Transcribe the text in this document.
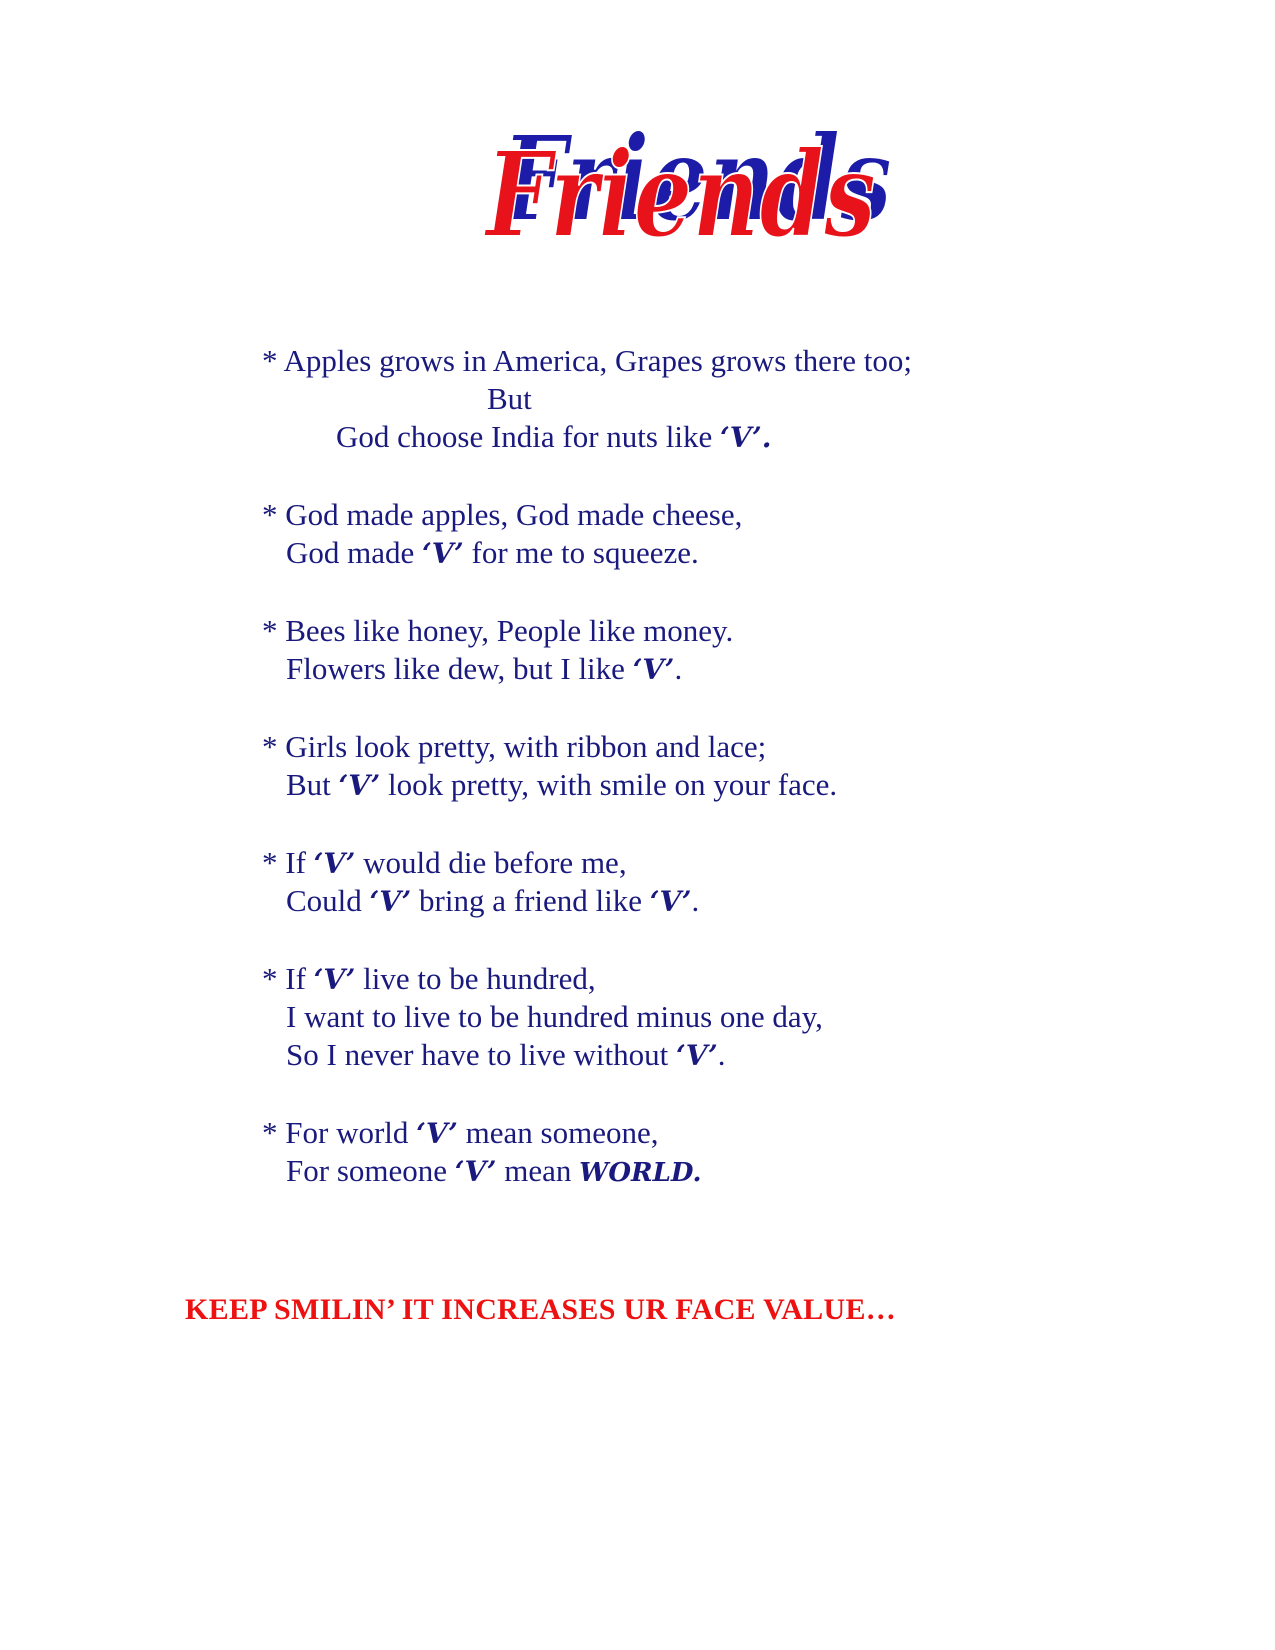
Friends
Friends
* Apples grows in America, Grapes grows there too;
But
God choose India for nuts like ‘V’.
* God made apples, God made cheese,
God made ‘V’ for me to squeeze.
* Bees like honey, People like money.
Flowers like dew, but I like ‘V’.
* Girls look pretty, with ribbon and lace;
But ‘V’ look pretty, with smile on your face.
* If ‘V’ would die before me,
Could ‘V’ bring a friend like ‘V’.
* If ‘V’ live to be hundred,
I want to live to be hundred minus one day,
So I never have to live without ‘V’.
* For world ‘V’ mean someone,
For someone ‘V’ mean WORLD.
KEEP SMILIN’ IT INCREASES UR FACE VALUE…
